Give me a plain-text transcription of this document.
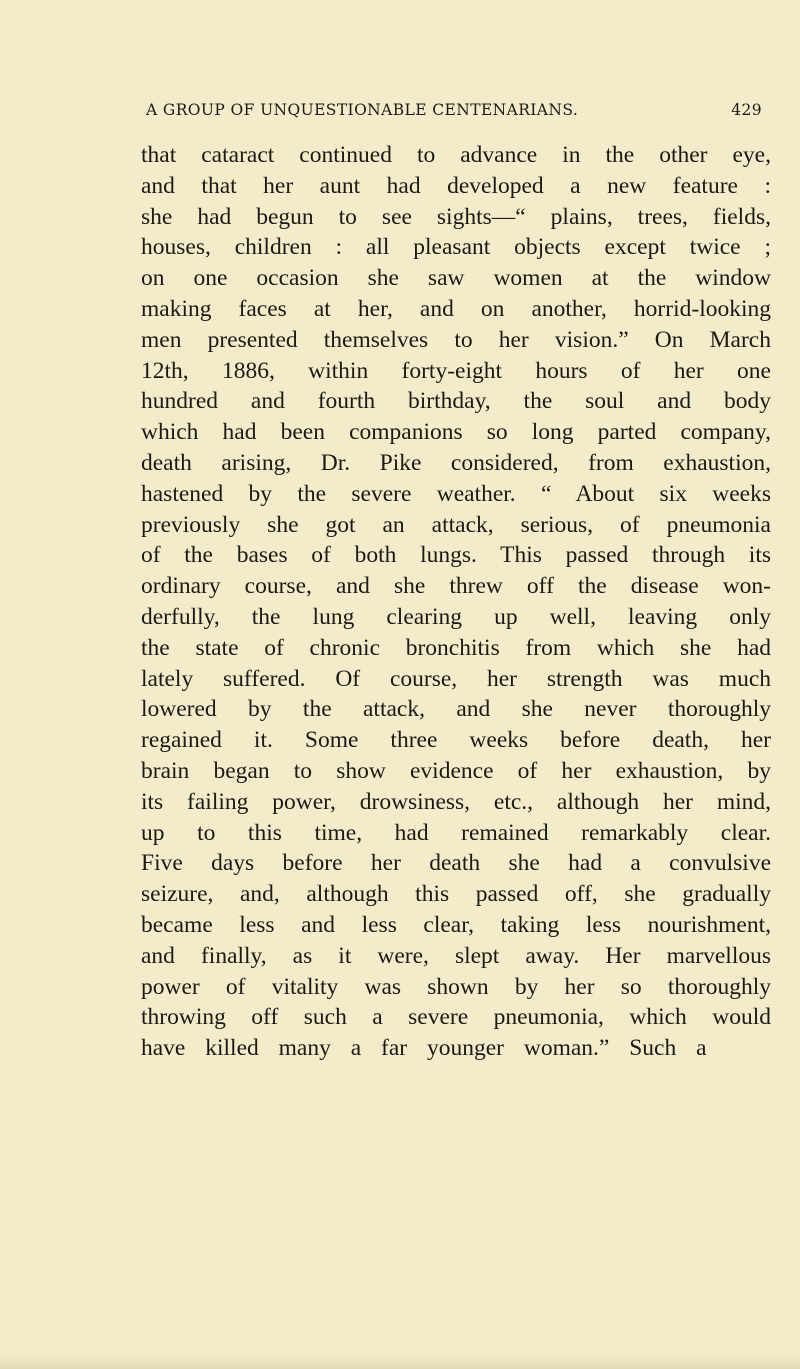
A GROUP OF UNQUESTIONABLE CENTENARIANS.	429
that cataract continued to advance in the other eye,
and that her aunt had developed a new feature :
she had begun to see sights—“ plains, trees, fields,
houses, children : all pleasant objects except twice ;
on one occasion she saw women at the window
making faces at her, and on another, horrid-looking
men presented themselves to her vision.” On March
12th, 1886, within forty-eight hours of her one
hundred and fourth birthday, the soul and body
which had been companions so long parted company,
death arising, Dr. Pike considered, from exhaustion,
hastened by the severe weather. “ About six weeks
previously she got an attack, serious, of pneumonia
of the bases of both lungs. This passed through its
ordinary course, and she threw off the disease won-
derfully, the lung clearing up well, leaving only
the state of chronic bronchitis from which she had
lately suffered. Of course, her strength was much
lowered by the attack, and she never thoroughly
regained it. Some three weeks before death, her
brain began to show evidence of her exhaustion, by
its failing power, drowsiness, etc., although her mind,
up to this time, had remained remarkably clear.
Five days before her death she had a convulsive
seizure, and, although this passed off, she gradually
became less and less clear, taking less nourishment,
and finally, as it were, slept away. Her marvellous
power of vitality was shown by her so thoroughly
throwing off such a severe pneumonia, which would
have killed many a far younger woman.” Such a
